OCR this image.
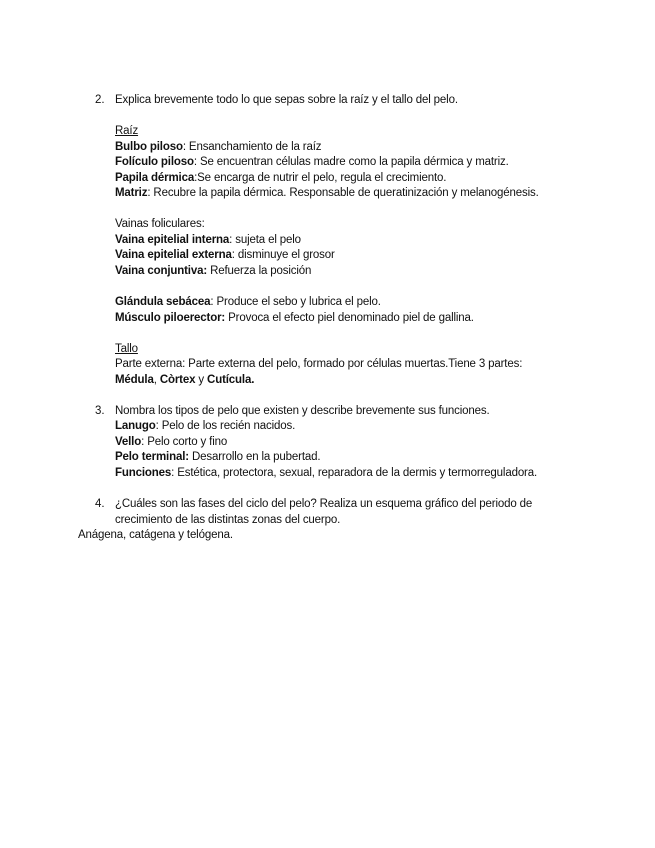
2. Explica brevemente todo lo que sepas sobre la raíz y el tallo del pelo.
Raíz
Bulbo piloso: Ensanchamiento de la raíz
Folículo piloso: Se encuentran células madre como la papila dérmica y matriz.
Papila dérmica:Se encarga de nutrir el pelo, regula el crecimiento.
Matriz: Recubre la papila dérmica. Responsable de queratinización y melanogénesis.
Vainas foliculares:
Vaina epitelial interna: sujeta el pelo
Vaina epitelial externa: disminuye el grosor
Vaina conjuntiva: Refuerza la posición
Glándula sebácea: Produce el sebo y lubrica el pelo.
Músculo piloerector: Provoca el efecto piel denominado piel de gallina.
Tallo
Parte externa: Parte externa del pelo, formado por células muertas.Tiene 3 partes:
Médula, Còrtex y Cutícula.
3. Nombra los tipos de pelo que existen y describe brevemente sus funciones.
Lanugo: Pelo de los recién nacidos.
Vello: Pelo corto y fino
Pelo terminal: Desarrollo en la pubertad.
Funciones: Estética, protectora, sexual, reparadora de la dermis y termorreguladora.
4. ¿Cuáles son las fases del ciclo del pelo? Realiza un esquema gráfico del periodo de
crecimiento de las distintas zonas del cuerpo.
Anágena, catágena y telógena.
